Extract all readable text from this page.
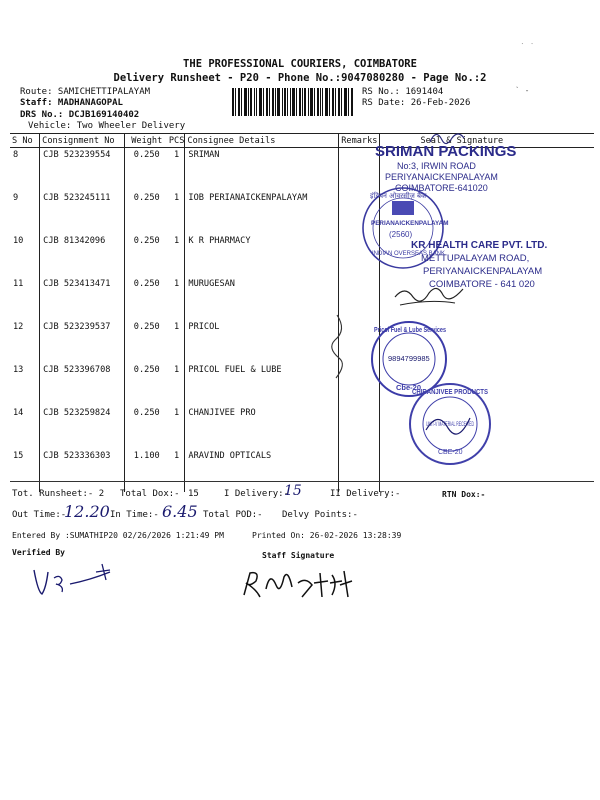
THE PROFESSIONAL COURIERS, COIMBATORE
Delivery Runsheet - P20 - Phone No.:9047080280 - Page No.:2
Route: SAMICHETTIPALAYAM
Staff: MADHANAGOPAL
DRS No.: DCJB169140402
Vehicle: Two Wheeler Delivery
RS No.: 1691404
RS Date: 26-Feb-2026
S No	Consignment No	Weight	PCS	Consignee Details	Remarks	Seal & Signature
8	CJB 523239554	0.250	1	SRIMAN		
9	CJB 523245111	0.250	1	IOB PERIANAICKENPALAYAM		
10	CJB 81342096	0.250	1	K R PHARMACY		
11	CJB 523413471	0.250	1	MURUGESAN		
12	CJB 523239537	0.250	1	PRICOL		
13	CJB 523396708	0.250	1	PRICOL FUEL & LUBE		
14	CJB 523259824	0.250	1	CHANJIVEE PRO		
15	CJB 523336303	1.100	1	ARAVIND OPTICALS		
SRIMAN PACKINGS
No:3, IRWIN ROAD
PERIYANAICKENPALAYAM
COIMBATORE-641020
इंडियन ओवरसीज़ बैंक
PERIANAICKENPALAYAM
(2560)
INDIAN OVERSEAS BANK
KR HEALTH CARE PVT. LTD.
METTUPALAYAM ROAD,
PERIYANAICKENPALAYAM
COIMBATORE - 641 020
Pricol Fuel & Lube Services
9894799985
Cbe-20
CHIRANJIVEE PRODUCTS
UNIT-V MATERIAL RECEIVED
CBE-20
Tot. Runsheet:- 2 Total Dox:- 15	I Delivery:-
15	II Delivery:-	RTN Dox:-
Out Time:-
12.20 In Time:- 6.45 Total POD:- Delvy Points:-
Entered By :SUMATHIP20 02/26/2026 1:21:49 PM	Printed On: 26-02-2026 13:28:39
Verified By	Staff Signature
ˑ ˑ
ˋ -
